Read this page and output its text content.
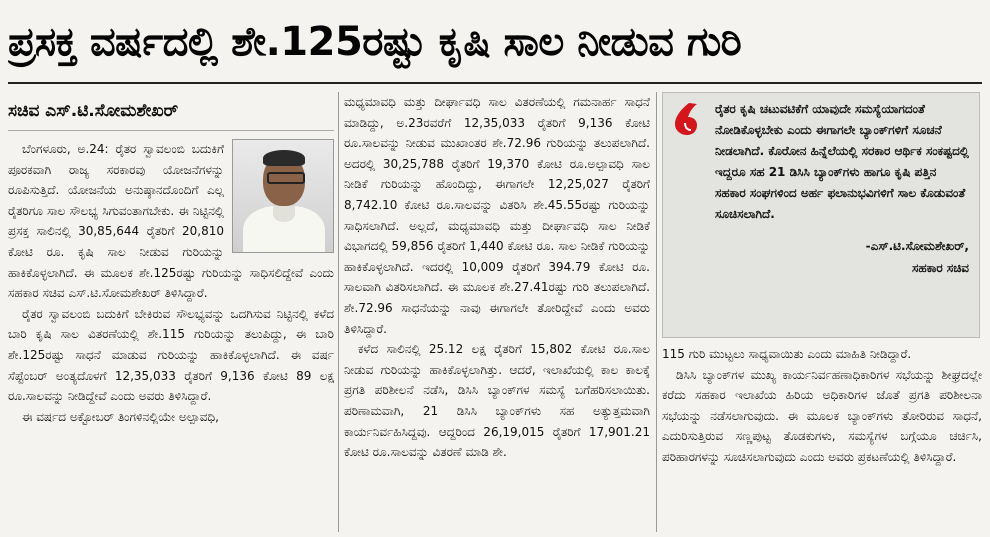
ಪ್ರಸಕ್ತ ವರ್ಷದಲ್ಲಿ ಶೇ.125ರಷ್ಟು ಕೃಷಿ ಸಾಲ ನೀಡುವ ಗುರಿ
ಸಚಿವ ಎಸ್.ಟಿ.ಸೋಮಶೇಖರ್

ಬೆಂಗಳೂರು, ಅ.24: ರೈತರ ಸ್ವಾವಲಂಬಿ ಬದುಕಿಗೆ ಪೂರಕವಾಗಿ ರಾಜ್ಯ ಸರಕಾರವು ಯೋಜನೆಗಳನ್ನು ರೂಪಿಸುತ್ತಿದೆ. ಯೋಜನೆಯ ಅನುಷ್ಠಾನದೊಂದಿಗೆ ಎಲ್ಲ ರೈತರಿಗೂ ಸಾಲ ಸೌಲಭ್ಯ ಸಿಗುವಂತಾಗಬೇಕು. ಈ ನಿಟ್ಟಿನಲ್ಲಿ ಪ್ರಸಕ್ತ ಸಾಲಿನಲ್ಲಿ 30,85,644 ರೈತರಿಗೆ 20,810 ಕೋಟಿ ರೂ. ಕೃಷಿ ಸಾಲ ನೀಡುವ ಗುರಿಯನ್ನು ಹಾಕಿಕೊಳ್ಳಲಾಗಿದೆ. ಈ ಮೂಲಕ ಶೇ.125ರಷ್ಟು ಗುರಿಯನ್ನು ಸಾಧಿಸಲಿದ್ದೇವೆ ಎಂದು ಸಹಕಾರ ಸಚಿವ ಎಸ್.ಟಿ.ಸೋಮಶೇಖರ್ ತಿಳಿಸಿದ್ದಾರೆ.

ರೈತರ ಸ್ವಾವಲಂಬಿ ಬದುಕಿಗೆ ಬೇಕಿರುವ ಸೌಲಭ್ಯವನ್ನು ಒದಗಿಸುವ ನಿಟ್ಟಿನಲ್ಲಿ ಕಳೆದ ಬಾರಿ ಕೃಷಿ ಸಾಲ ವಿತರಣೆಯಲ್ಲಿ ಶೇ.115 ಗುರಿಯನ್ನು ತಲುಪಿದ್ದು, ಈ ಬಾರಿ ಶೇ.125ರಷ್ಟು ಸಾಧನೆ ಮಾಡುವ ಗುರಿಯನ್ನು ಹಾಕಿಕೊಳ್ಳಲಾಗಿದೆ. ಈ ವರ್ಷ ಸೆಪ್ಟೆಂಬರ್ ಅಂತ್ಯದೊಳಗೆ 12,35,033 ರೈತರಿಗೆ 9,136 ಕೋಟಿ 89 ಲಕ್ಷ ರೂ.ಸಾಲವನ್ನು ನೀಡಿದ್ದೇವೆ ಎಂದು ಅವರು ತಿಳಿಸಿದ್ದಾರೆ.

ಈ ವರ್ಷದ ಅಕ್ಟೋಬರ್ ತಿಂಗಳಿನಲ್ಲಿಯೇ ಅಲ್ಪಾವಧಿ,

ಮಧ್ಯಮಾವಧಿ ಮತ್ತು ದೀರ್ಘಾವಧಿ ಸಾಲ ವಿತರಣೆಯಲ್ಲಿ ಗಮನಾರ್ಹ ಸಾಧನೆ ಮಾಡಿದ್ದು, ಅ.23ರವರೆಗೆ 12,35,033 ರೈತರಿಗೆ 9,136 ಕೋಟಿ ರೂ.ಸಾಲವನ್ನು ನೀಡುವ ಮುಖಾಂತರ ಶೇ.72.96 ಗುರಿಯನ್ನು ತಲುಪಲಾಗಿದೆ. ಅದರಲ್ಲಿ 30,25,788 ರೈತರಿಗೆ 19,370 ಕೋಟಿ ರೂ.ಅಲ್ಪಾವಧಿ ಸಾಲ ನೀಡಿಕೆ ಗುರಿಯನ್ನು ಹೊಂದಿದ್ದು, ಈಗಾಗಲೇ 12,25,027 ರೈತರಿಗೆ 8,742.10 ಕೋಟಿ ರೂ.ಸಾಲವನ್ನು ವಿತರಿಸಿ ಶೇ.45.55ರಷ್ಟು ಗುರಿಯನ್ನು ಸಾಧಿಸಲಾಗಿದೆ. ಅಲ್ಲದೆ, ಮಧ್ಯಮಾವಧಿ ಮತ್ತು ದೀರ್ಘಾವಧಿ ಸಾಲ ನೀಡಿಕೆ ವಿಭಾಗದಲ್ಲಿ 59,856 ರೈತರಿಗೆ 1,440 ಕೋಟಿ ರೂ. ಸಾಲ ನೀಡಿಕೆ ಗುರಿಯನ್ನು ಹಾಕಿಕೊಳ್ಳಲಾಗಿದೆ. ಇದರಲ್ಲಿ 10,009 ರೈತರಿಗೆ 394.79 ಕೋಟಿ ರೂ. ಸಾಲವಾಗಿ ವಿತರಿಸಲಾಗಿದೆ. ಈ ಮೂಲಕ ಶೇ.27.41ರಷ್ಟು ಗುರಿ ತಲುಪಲಾಗಿದೆ. ಶೇ.72.96 ಸಾಧನೆಯನ್ನು ನಾವು ಈಗಾಗಲೇ ತೋರಿದ್ದೇವೆ ಎಂದು ಅವರು ತಿಳಿಸಿದ್ದಾರೆ.

ಕಳೆದ ಸಾಲಿನಲ್ಲಿ 25.12 ಲಕ್ಷ ರೈತರಿಗೆ 15,802 ಕೋಟಿ ರೂ.ಸಾಲ ನೀಡುವ ಗುರಿಯನ್ನು ಹಾಕಿಕೊಳ್ಳಲಾಗಿತ್ತು. ಆದರೆ, ಇಲಾಖೆಯಲ್ಲಿ ಕಾಲ ಕಾಲಕ್ಕೆ ಪ್ರಗತಿ ಪರಿಶೀಲನೆ ನಡೆಸಿ, ಡಿಸಿಸಿ ಬ್ಯಾಂಕ್‌ಗಳ ಸಮಸ್ಯೆ ಬಗೆಹರಿಸಲಾಯಿತು. ಪರಿಣಾಮವಾಗಿ, 21 ಡಿಸಿಸಿ ಬ್ಯಾಂಕ್‌ಗಳು ಸಹ ಅತ್ಯುತ್ತಮವಾಗಿ ಕಾರ್ಯನಿರ್ವಹಿಸಿದ್ದವು. ಆದ್ದರಿಂದ 26,19,015 ರೈತರಿಗೆ 17,901.21 ಕೋಟಿ ರೂ.ಸಾಲವನ್ನು ವಿತರಣೆ ಮಾಡಿ ಶೇ.

ರೈತರ ಕೃಷಿ ಚಟುವಟಿಕೆಗೆ ಯಾವುದೇ ಸಮಸ್ಯೆಯಾಗದಂತೆ ನೋಡಿಕೊಳ್ಳಬೇಕು ಎಂದು ಈಗಾಗಲೇ ಬ್ಯಾಂಕ್‌ಗಳಿಗೆ ಸೂಚನೆ ನೀಡಲಾಗಿದೆ. ಕೊರೋನ ಹಿನ್ನೆಲೆಯಲ್ಲಿ ಸರಕಾರ ಆರ್ಥಿಕ ಸಂಕಷ್ಟದಲ್ಲಿ ಇದ್ದರೂ ಸಹ 21 ಡಿಸಿಸಿ ಬ್ಯಾಂಕ್‌ಗಳು ಹಾಗೂ ಕೃಷಿ ಪತ್ತಿನ ಸಹಕಾರ ಸಂಘಗಳಿಂದ ಅರ್ಹ ಫಲಾನುಭವಿಗಳಿಗೆ ಸಾಲ ಕೊಡುವಂತೆ ಸೂಚಿಸಲಾಗಿದೆ.

-ಎಸ್.ಟಿ.ಸೋಮಶೇಖರ್,
ಸಹಕಾರ ಸಚಿವ

115 ಗುರಿ ಮುಟ್ಟಲು ಸಾಧ್ಯವಾಯಿತು ಎಂದು ಮಾಹಿತಿ ನೀಡಿದ್ದಾರೆ.

ಡಿಸಿಸಿ ಬ್ಯಾಂಕ್‌ಗಳ ಮುಖ್ಯ ಕಾರ್ಯನಿರ್ವಹಣಾಧಿಕಾರಿಗಳ ಸಭೆಯನ್ನು ಶೀಘ್ರದಲ್ಲೇ ಕರೆದು ಸಹಕಾರ ಇಲಾಖೆಯ ಹಿರಿಯ ಅಧಿಕಾರಿಗಳ ಜೊತೆ ಪ್ರಗತಿ ಪರಿಶೀಲನಾ ಸಭೆಯನ್ನು ನಡೆಸಲಾಗುವುದು. ಈ ಮೂಲಕ ಬ್ಯಾಂಕ್‌ಗಳು ತೋರಿರುವ ಸಾಧನೆ, ಎದುರಿಸುತ್ತಿರುವ ಸಣ್ಣಪುಟ್ಟ ತೊಡಕುಗಳು, ಸಮಸ್ಯೆಗಳ ಬಗ್ಗೆಯೂ ಚರ್ಚಿಸಿ, ಪರಿಹಾರಗಳನ್ನು ಸೂಚಿಸಲಾಗುವುದು ಎಂದು ಅವರು ಪ್ರಕಟಣೆಯಲ್ಲಿ ತಿಳಿಸಿದ್ದಾರೆ.
